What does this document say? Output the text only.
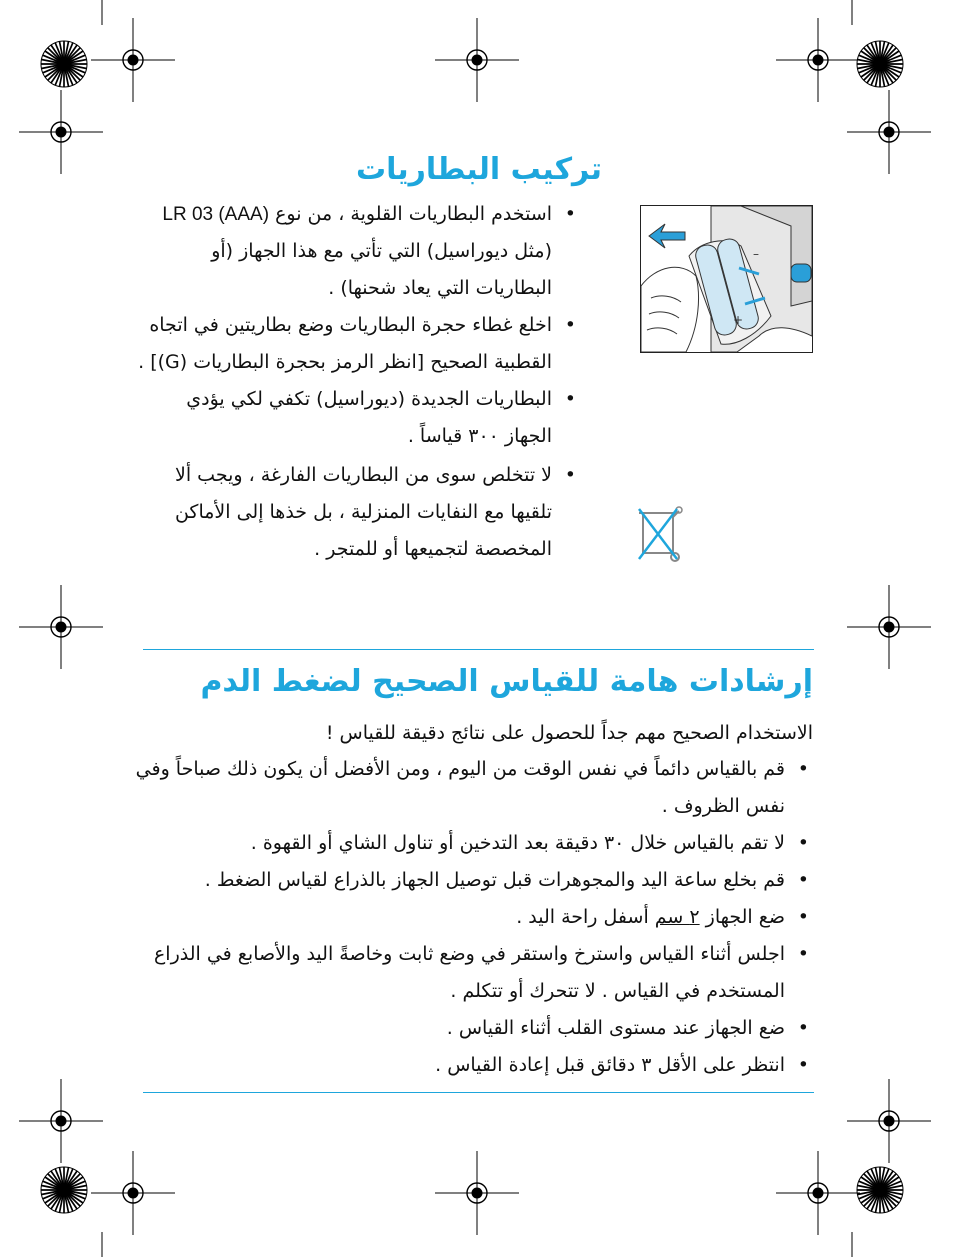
تركيب البطاريات
•
استخدم البطاريات القلوية ، من نوع LR 03 (AAA) (مثل ديوراسيل) التي تأتي مع هذا الجهاز (أو البطاريات التي يعاد شحنها) .
•
اخلع غطاء حجرة البطاريات وضع بطاريتين في اتجاه القطبية الصحيح [انظر الرمز بحجرة البطاريات (G)] .
•
البطاريات الجديدة (ديوراسيل) تكفي لكي يؤدي الجهاز ٣٠٠ قياساً .
•
لا تتخلص سوى من البطاريات الفارغة ، ويجب ألا تلقيها مع النفايات المنزلية ، بل خذها إلى الأماكن المخصصة لتجميعها أو للمتجر .
+
–
إرشادات هامة للقياس الصحيح لضغط الدم
الاستخدام الصحيح مهم جداً للحصول على نتائج دقيقة للقياس !
•
قم بالقياس دائماً في نفس الوقت من اليوم ، ومن الأفضل أن يكون ذلك صباحاً وفي نفس الظروف .
•
لا تقم بالقياس خلال ٣٠ دقيقة بعد التدخين أو تناول الشاي أو القهوة .
•
قم بخلع ساعة اليد والمجوهرات قبل توصيل الجهاز بالذراع لقياس الضغط .
•
ضع الجهاز ٢ سم أسفل راحة اليد .
•
اجلس أثناء القياس واسترخ واستقر في وضع ثابت وخاصةً اليد والأصابع في الذراع المستخدم في القياس . لا تتحرك أو تتكلم .
•
ضع الجهاز عند مستوى القلب أثناء القياس .
•
انتظر على الأقل ٣ دقائق قبل إعادة القياس .
